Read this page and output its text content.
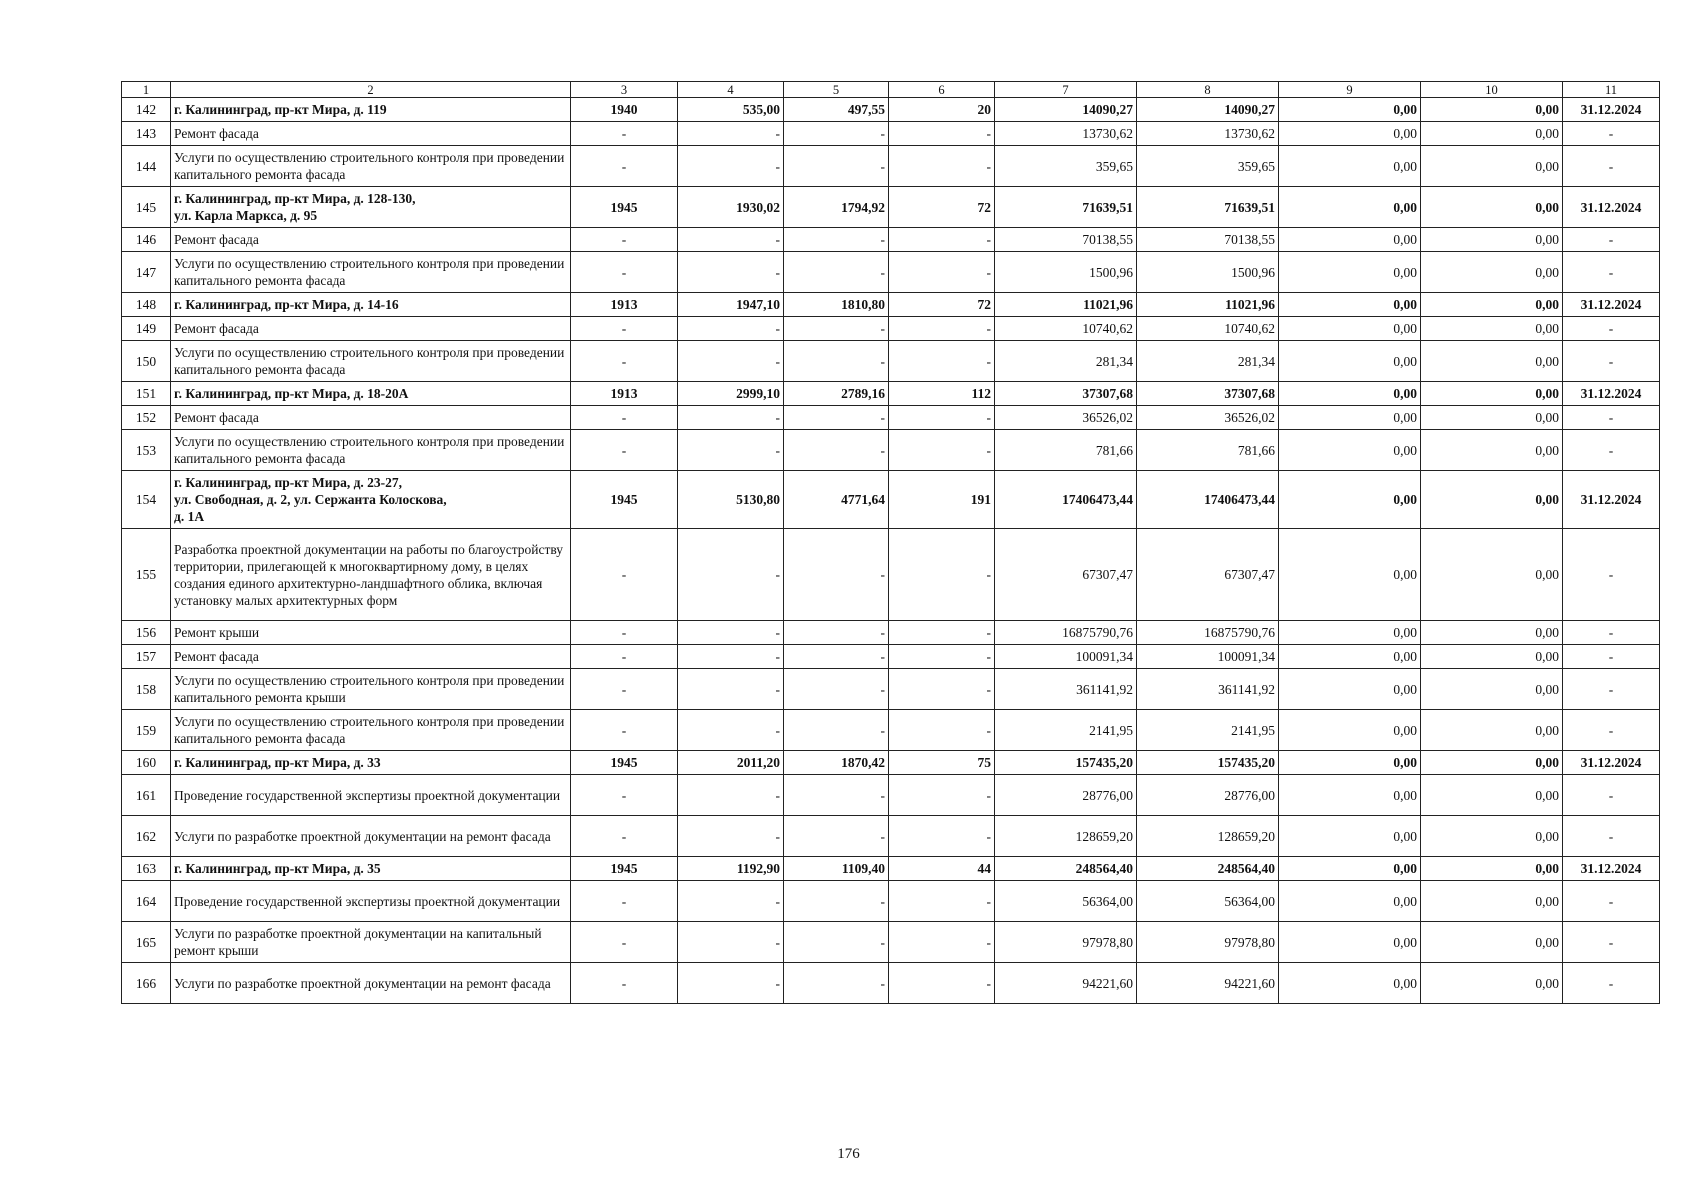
1	2	3	4	5	6	7	8	9	10	11
142	г. Калининград, пр-кт Мира, д. 119	1940	535,00	497,55	20	14090,27	14090,27	0,00	0,00	31.12.2024
143	Ремонт фасада	-	-	-	-	13730,62	13730,62	0,00	0,00	-
144	Услуги по осуществлению строительного контроля при проведении капитального ремонта фасада	-	-	-	-	359,65	359,65	0,00	0,00	-
145	г. Калининград, пр-кт Мира, д. 128-130,
ул. Карла Маркса, д. 95	1945	1930,02	1794,92	72	71639,51	71639,51	0,00	0,00	31.12.2024
146	Ремонт фасада	-	-	-	-	70138,55	70138,55	0,00	0,00	-
147	Услуги по осуществлению строительного контроля при проведении капитального ремонта фасада	-	-	-	-	1500,96	1500,96	0,00	0,00	-
148	г. Калининград, пр-кт Мира, д. 14-16	1913	1947,10	1810,80	72	11021,96	11021,96	0,00	0,00	31.12.2024
149	Ремонт фасада	-	-	-	-	10740,62	10740,62	0,00	0,00	-
150	Услуги по осуществлению строительного контроля при проведении капитального ремонта фасада	-	-	-	-	281,34	281,34	0,00	0,00	-
151	г. Калининград, пр-кт Мира, д. 18-20А	1913	2999,10	2789,16	112	37307,68	37307,68	0,00	0,00	31.12.2024
152	Ремонт фасада	-	-	-	-	36526,02	36526,02	0,00	0,00	-
153	Услуги по осуществлению строительного контроля при проведении капитального ремонта фасада	-	-	-	-	781,66	781,66	0,00	0,00	-
154	г. Калининград, пр-кт Мира, д. 23-27,
ул. Свободная, д. 2, ул. Сержанта Колоскова,
д. 1А	1945	5130,80	4771,64	191	17406473,44	17406473,44	0,00	0,00	31.12.2024
155	Разработка проектной документации на работы по благоустройству территории, прилегающей к многоквартирному дому, в целях создания единого архитектурно-ландшафтного облика, включая установку малых архитектурных форм	-	-	-	-	67307,47	67307,47	0,00	0,00	-
156	Ремонт крыши	-	-	-	-	16875790,76	16875790,76	0,00	0,00	-
157	Ремонт фасада	-	-	-	-	100091,34	100091,34	0,00	0,00	-
158	Услуги по осуществлению строительного контроля при проведении капитального ремонта крыши	-	-	-	-	361141,92	361141,92	0,00	0,00	-
159	Услуги по осуществлению строительного контроля при проведении капитального ремонта фасада	-	-	-	-	2141,95	2141,95	0,00	0,00	-
160	г. Калининград, пр-кт Мира, д. 33	1945	2011,20	1870,42	75	157435,20	157435,20	0,00	0,00	31.12.2024
161	Проведение государственной экспертизы проектной документации	-	-	-	-	28776,00	28776,00	0,00	0,00	-
162	Услуги по разработке проектной документации на ремонт фасада	-	-	-	-	128659,20	128659,20	0,00	0,00	-
163	г. Калининград, пр-кт Мира, д. 35	1945	1192,90	1109,40	44	248564,40	248564,40	0,00	0,00	31.12.2024
164	Проведение государственной экспертизы проектной документации	-	-	-	-	56364,00	56364,00	0,00	0,00	-
165	Услуги по разработке проектной документации на капитальный ремонт крыши	-	-	-	-	97978,80	97978,80	0,00	0,00	-
166	Услуги по разработке проектной документации на ремонт фасада	-	-	-	-	94221,60	94221,60	0,00	0,00	-
176
